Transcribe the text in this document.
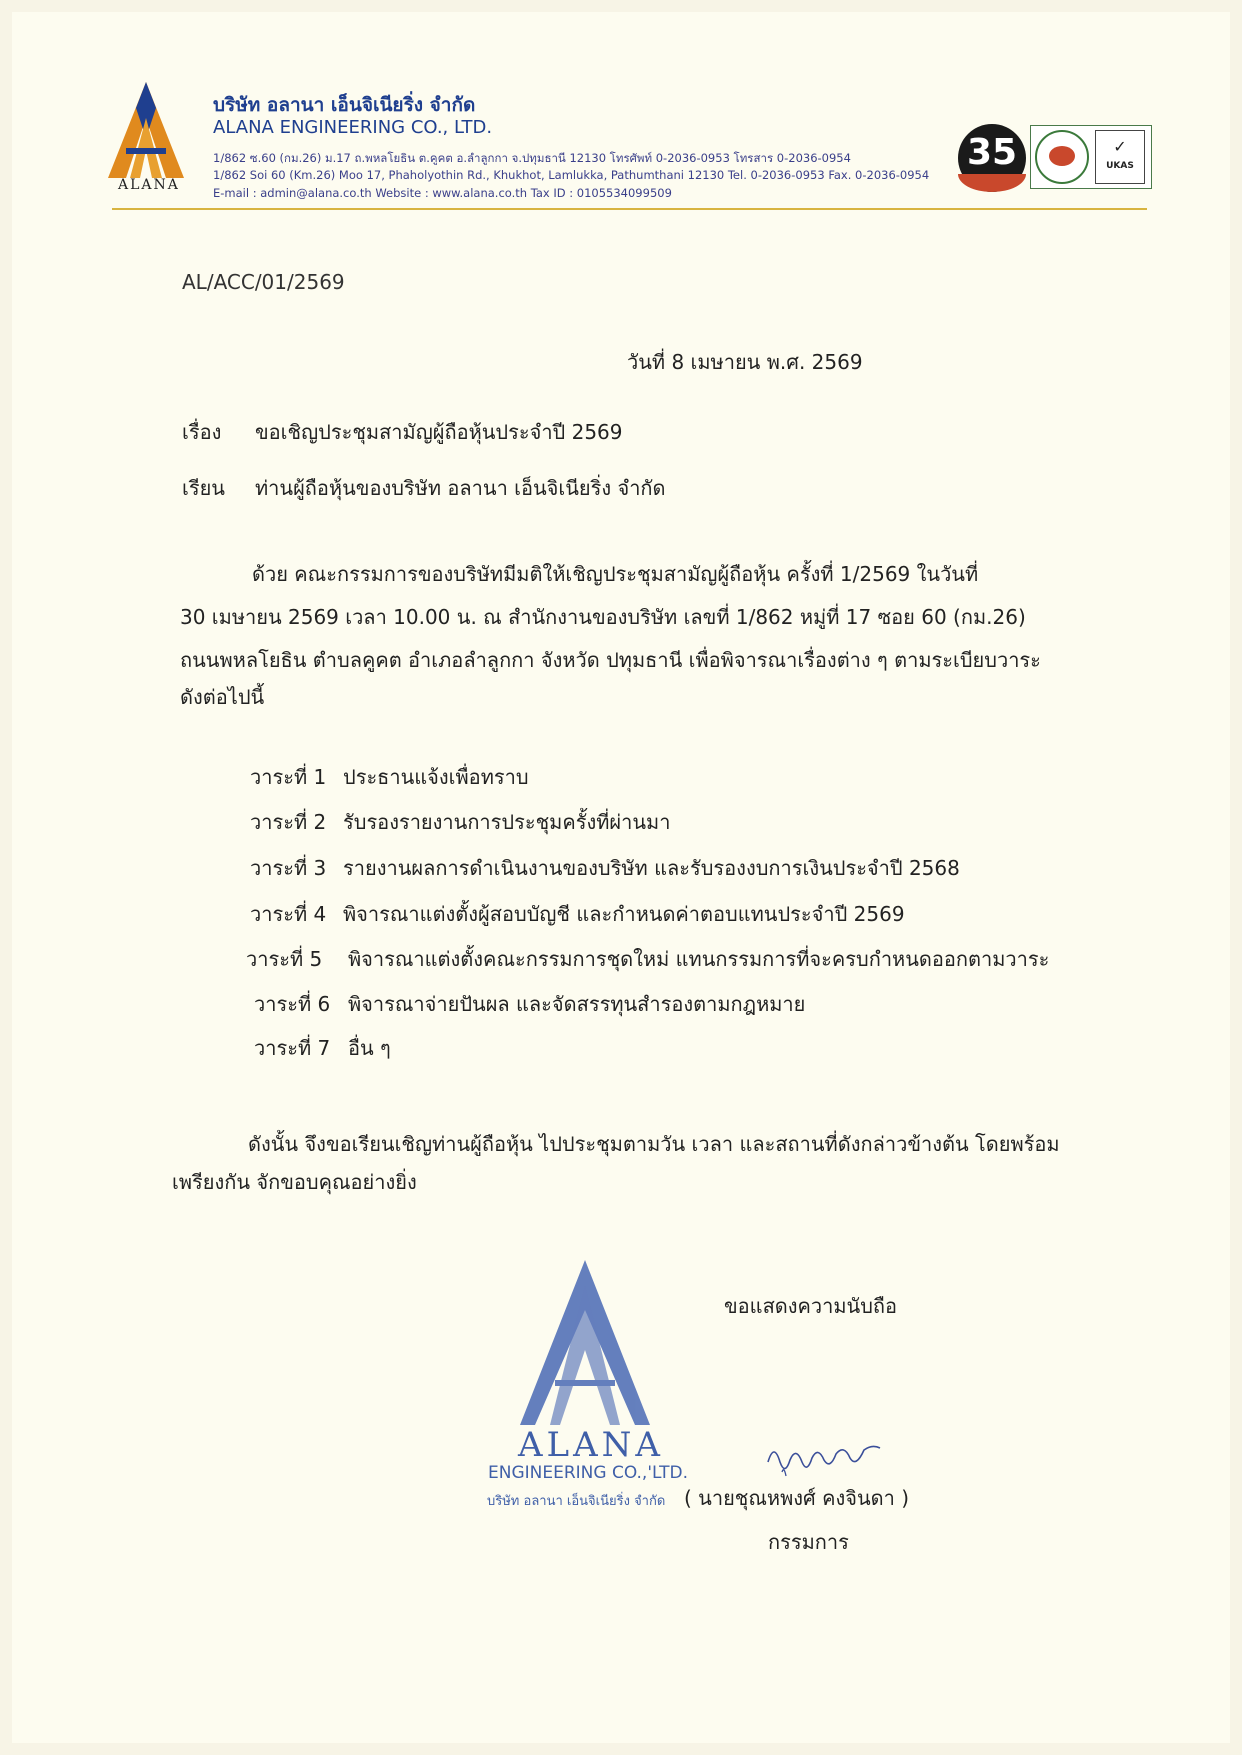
ALANA
บริษัท อลานา เอ็นจิเนียริ่ง จำกัด
ALANA ENGINEERING CO., LTD.
1/862 ซ.60 (กม.26) ม.17 ถ.พหลโยธิน ต.คูคต อ.ลำลูกกา จ.ปทุมธานี 12130 โทรศัพท์ 0-2036-0953 โทรสาร 0-2036-0954
1/862 Soi 60 (Km.26) Moo 17, Phaholyothin Rd., Khukhot, Lamlukka, Pathumthani 12130 Tel. 0-2036-0953 Fax. 0-2036-0954
E-mail : admin@alana.co.th Website : www.alana.co.th Tax ID : 0105534099509
35	✓
UKAS
AL/ACC/01/2569
วันที่ 8 เมษายน พ.ศ. 2569
เรื่อง ขอเชิญประชุมสามัญผู้ถือหุ้นประจำปี 2569
เรียน ท่านผู้ถือหุ้นของบริษัท อลานา เอ็นจิเนียริ่ง จำกัด
ด้วย คณะกรรมการของบริษัทมีมติให้เชิญประชุมสามัญผู้ถือหุ้น ครั้งที่ 1/2569 ในวันที่
30 เมษายน 2569 เวลา 10.00 น. ณ สำนักงานของบริษัท เลขที่ 1/862 หมู่ที่ 17 ซอย 60 (กม.26)
ถนนพหลโยธิน ตำบลคูคต อำเภอลำลูกกา จังหวัด ปทุมธานี เพื่อพิจารณาเรื่องต่าง ๆ ตามระเบียบวาระ
ดังต่อไปนี้
วาระที่ 1 ประธานแจ้งเพื่อทราบ
วาระที่ 2 รับรองรายงานการประชุมครั้งที่ผ่านมา
วาระที่ 3 รายงานผลการดำเนินงานของบริษัท และรับรองงบการเงินประจำปี 2568
วาระที่ 4 พิจารณาแต่งตั้งผู้สอบบัญชี และกำหนดค่าตอบแทนประจำปี 2569
วาระที่ 5 พิจารณาแต่งตั้งคณะกรรมการชุดใหม่ แทนกรรมการที่จะครบกำหนดออกตามวาระ
วาระที่ 6 พิจารณาจ่ายปันผล และจัดสรรทุนสำรองตามกฎหมาย
วาระที่ 7 อื่น ๆ
ดังนั้น จึงขอเรียนเชิญท่านผู้ถือหุ้น ไปประชุมตามวัน เวลา และสถานที่ดังกล่าวข้างต้น โดยพร้อม
เพรียงกัน จักขอบคุณอย่างยิ่ง
ALANA
ENGINEERING CO.,'LTD.
บริษัท อลานา เอ็นจิเนียริ่ง จำกัด
ขอแสดงความนับถือ
( นายชุณหพงศ์ คงจินดา )
กรรมการ
